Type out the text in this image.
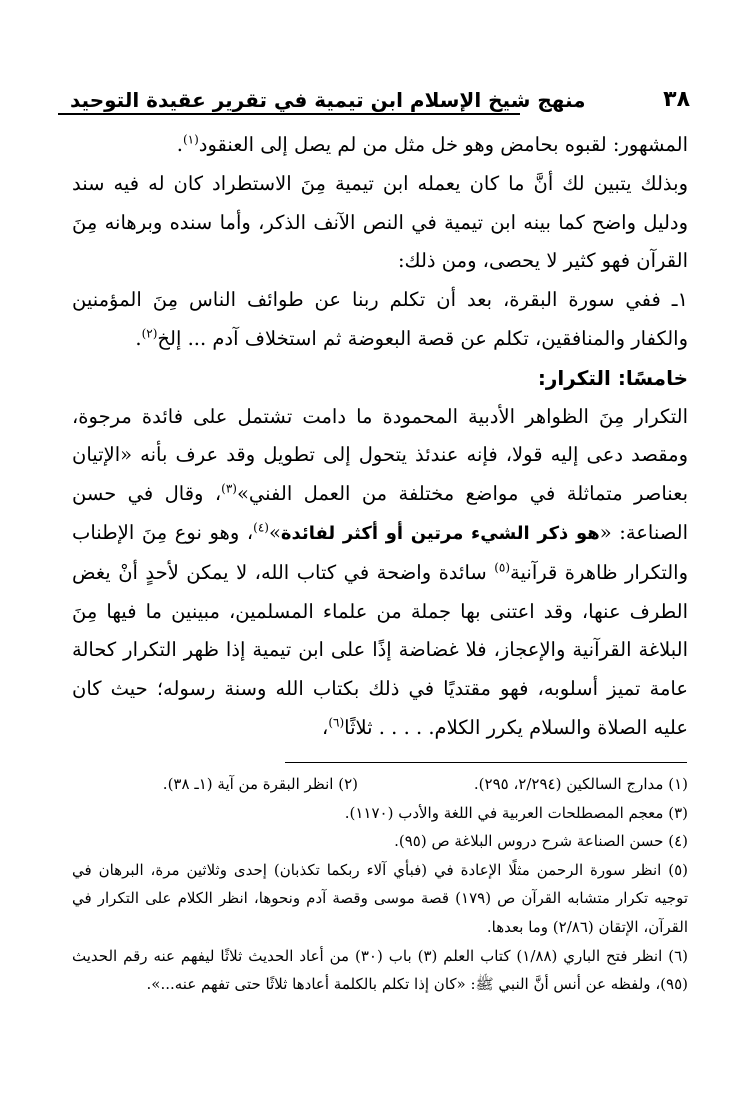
٣٨
منهج شيخ الإسلام ابن تيمية في تقرير عقيدة التوحيد

المشهور: لقبوه بحامض وهو خل مثل من لم يصل إلى العنقود$^{(١)}$.

وبذلك يتبين لك أنَّ ما كان يعمله ابن تيمية مِنَ الاستطراد كان له فيه سند ودليل واضح كما بينه ابن تيمية في النص الآنف الذكر، وأما سنده وبرهانه مِنَ القرآن فهو كثير لا يحصى، ومن ذلك:

١ـ ففي سورة البقرة، بعد أن تكلم ربنا عن طوائف الناس مِنَ المؤمنين والكفار والمنافقين، تكلم عن قصة البعوضة ثم استخلاف آدم ... إلخ$^{(٢)}$.

خامسًا: التكرار:

التكرار مِنَ الظواهر الأدبية المحمودة ما دامت تشتمل على فائدة مرجوة، ومقصد دعى إليه قولا، فإنه عندئذ يتحول إلى تطويل وقد عرف بأنه «الإتيان بعناصر متماثلة في مواضع مختلفة من العمل الفني»$^{(٣)}$، وقال في حسن الصناعة: «هو ذكر الشيء مرتين أو أكثر لفائدة»$^{(٤)}$، وهو نوع مِنَ الإطناب والتكرار ظاهرة قرآنية$^{(٥)}$ سائدة واضحة في كتاب الله، لا يمكن لأحدٍ أنْ يغض الطرف عنها، وقد اعتنى بها جملة من علماء المسلمين، مبينين ما فيها مِنَ البلاغة القرآنية والإعجاز، فلا غضاضة إذًا على ابن تيمية إذا ظهر التكرار كحالة عامة تميز أسلوبه، فهو مقتديًا في ذلك بكتاب الله وسنة رسوله؛ حيث كان عليه الصلاة والسلام يكرر الكلام. . . . . ثلاثًا$^{(٦)}$،

(١) مدارج السالكين (٢/٢٩٤، ٢٩٥).
(٢) انظر البقرة من آية (١ـ ٣٨).

(٣) معجم المصطلحات العربية في اللغة والأدب (١١٧٠).

(٤) حسن الصناعة شرح دروس البلاغة ص (٩٥).

(٥) انظر سورة الرحمن مثلًا الإعادة في (فبأي آلاء ربكما تكذبان) إحدى وثلاثين مرة، البرهان في توجيه تكرار متشابه القرآن ص (١٧٩) قصة موسى وقصة آدم ونحوها، انظر الكلام على التكرار في القرآن، الإتقان (٢/٨٦) وما بعدها.

(٦) انظر فتح الباري (١/٨٨) كتاب العلم (٣) باب (٣٠) من أعاد الحديث ثلاثًا ليفهم عنه رقم الحديث (٩٥)، ولفظه عن أنس أنَّ النبي ﷺ: «كان إذا تكلم بالكلمة أعادها ثلاثًا حتى تفهم عنه...».
